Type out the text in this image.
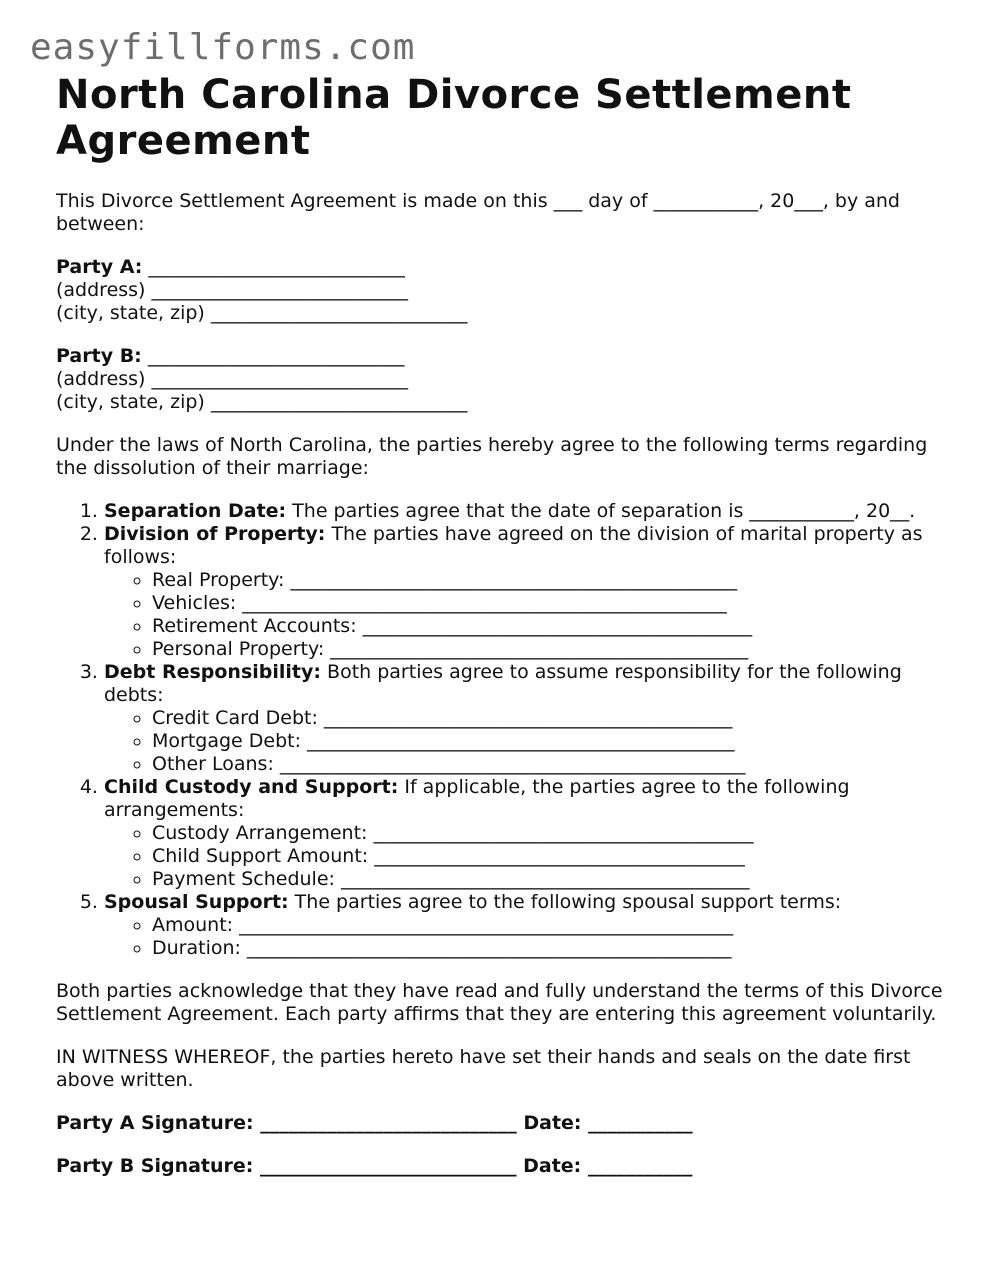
easyfillforms.com
North Carolina Divorce Settlement Agreement

This Divorce Settlement Agreement is made on this ___ day of ___________, 20___, by and between:

Party A: ___________________________
(address) ___________________________
(city, state, zip) ___________________________
Party B: ___________________________
(address) ___________________________
(city, state, zip) ___________________________

Under the laws of North Carolina, the parties hereby agree to the following terms regarding the dissolution of their marriage:

1. Separation Date: The parties agree that the date of separation is ___________, 20__.
2. Division of Property: The parties have agreed on the division of marital property as follows:
◦ Real Property: _______________________________________________
◦ Vehicles: ___________________________________________________
◦ Retirement Accounts: _________________________________________
◦ Personal Property: ____________________________________________
3. Debt Responsibility: Both parties agree to assume responsibility for the following debts:
◦ Credit Card Debt: ___________________________________________
◦ Mortgage Debt: _____________________________________________
◦ Other Loans: _________________________________________________
4. Child Custody and Support: If applicable, the parties agree to the following arrangements:
◦ Custody Arrangement: ________________________________________
◦ Child Support Amount: _______________________________________
◦ Payment Schedule: ___________________________________________
5. Spousal Support: The parties agree to the following spousal support terms:
◦ Amount: ____________________________________________________
◦ Duration: ___________________________________________________

Both parties acknowledge that they have read and fully understand the terms of this Divorce Settlement Agreement. Each party affirms that they are entering this agreement voluntarily.

IN WITNESS WHEREOF, the parties hereto have set their hands and seals on the date first above written.

Party A Signature: ___________________________ Date: ___________
Party B Signature: ___________________________ Date: ___________
